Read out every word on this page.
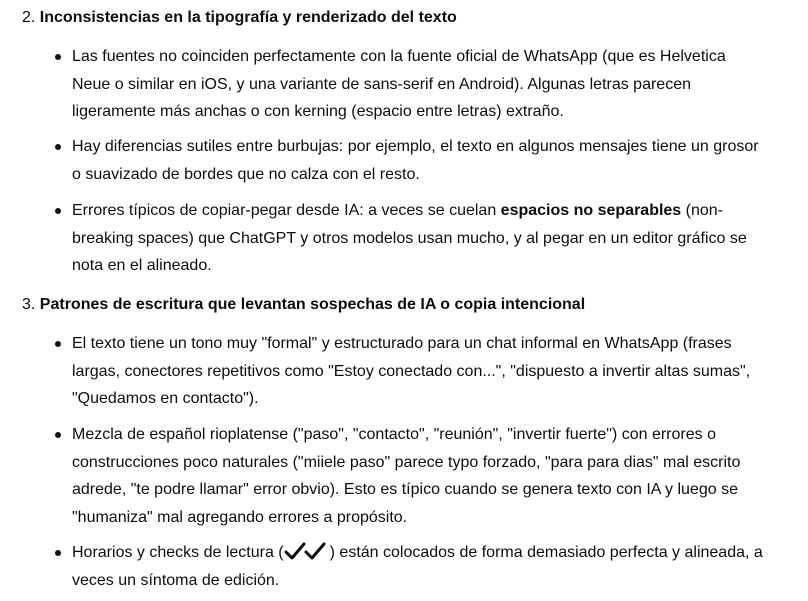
2. Inconsistencias en la tipografía y renderizado del texto

Las fuentes no coinciden perfectamente con la fuente oficial de WhatsApp (que es Helvetica
Neue o similar en iOS, y una variante de sans-serif en Android). Algunas letras parecen
ligeramente más anchas o con kerning (espacio entre letras) extraño.

Hay diferencias sutiles entre burbujas: por ejemplo, el texto en algunos mensajes tiene un grosor
o suavizado de bordes que no calza con el resto.

Errores típicos de copiar-pegar desde IA: a veces se cuelan espacios no separables (non-
breaking spaces) que ChatGPT y otros modelos usan mucho, y al pegar en un editor gráfico se
nota en el alineado.

3. Patrones de escritura que levantan sospechas de IA o copia intencional

El texto tiene un tono muy "formal" y estructurado para un chat informal en WhatsApp (frases
largas, conectores repetitivos como "Estoy conectado con...", "dispuesto a invertir altas sumas",
"Quedamos en contacto").

Mezcla de español rioplatense ("paso", "contacto", "reunión", "invertir fuerte") con errores o
construcciones poco naturales ("miiele paso" parece typo forzado, "para para dias" mal escrito
adrede, "te podre llamar" error obvio). Esto es típico cuando se genera texto con IA y luego se
"humaniza" mal agregando errores a propósito.

Horarios y checks de lectura (	) están colocados de forma demasiado perfecta y alineada, a
veces un síntoma de edición.
